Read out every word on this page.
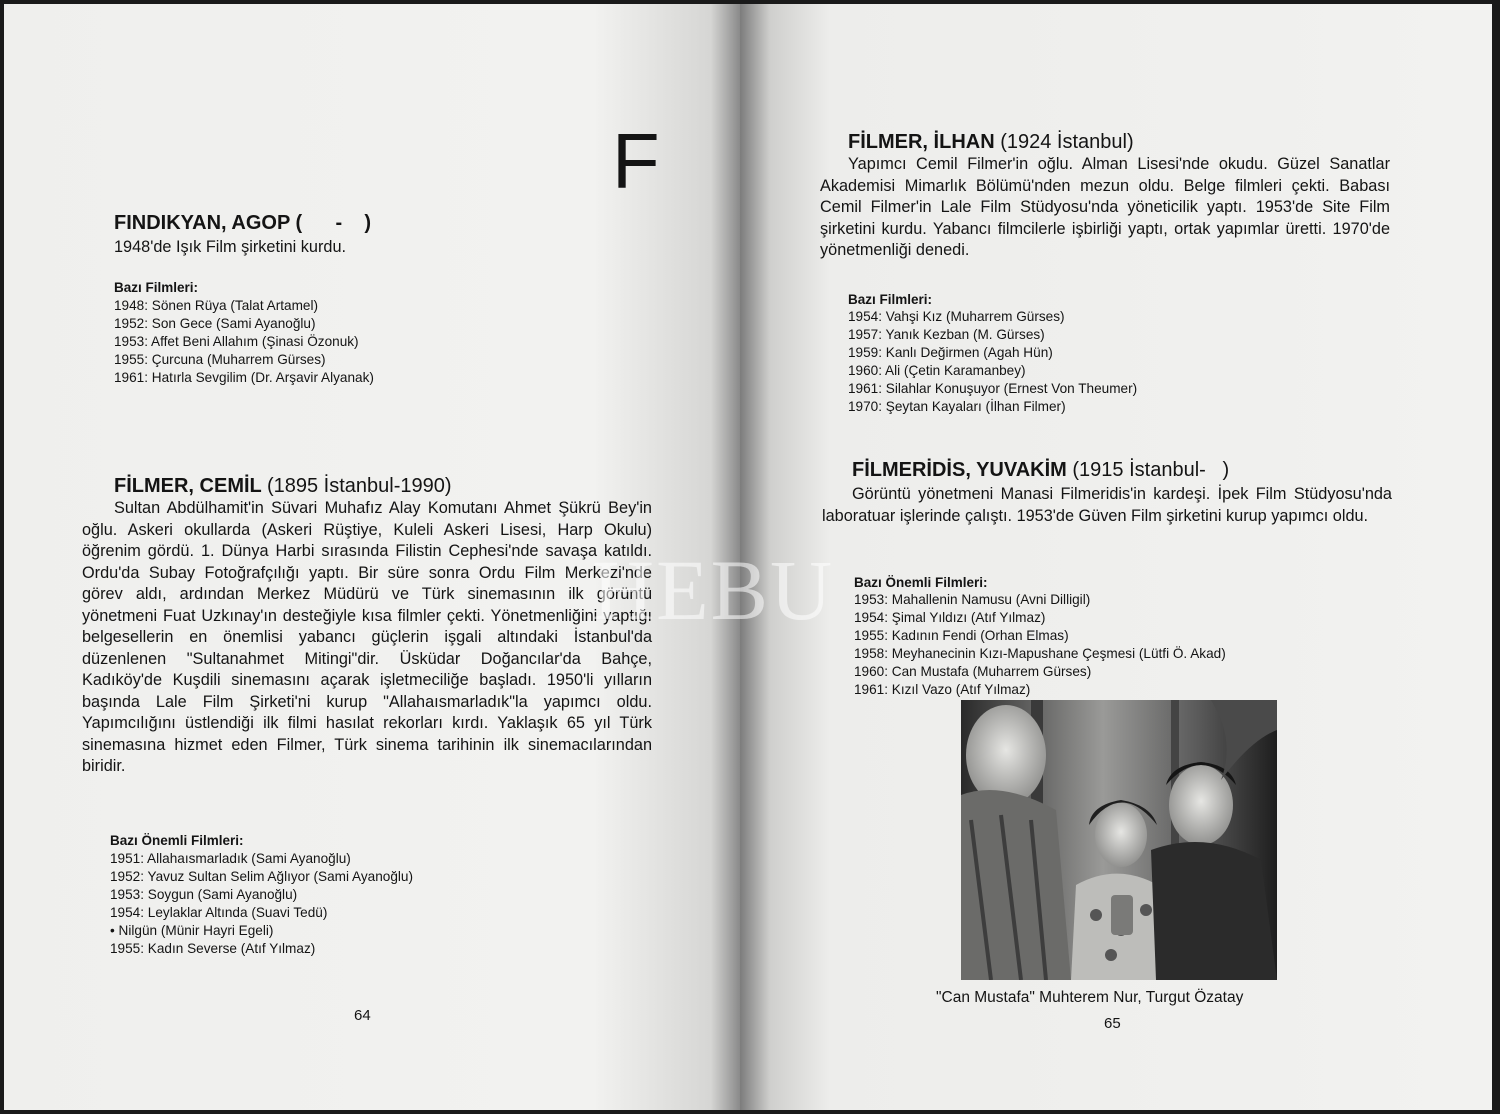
F
FINDIKYAN, AGOP (      -    )
1948'de Işık Film şirketini kurdu.
Bazı Filmleri:
1948: Sönen Rüya (Talat Artamel)
1952: Son Gece (Sami Ayanoğlu)
1953: Affet Beni Allahım (Şinasi Özonuk)
1955: Çurcuna (Muharrem Gürses)
1961: Hatırla Sevgilim (Dr. Arşavir Alyanak)
FİLMER, CEMİL (1895 İstanbul-1990)
Sultan Abdülhamit'in Süvari Muhafız Alay Komutanı Ahmet Şükrü Bey'in oğlu. Askeri okullarda (Askeri Rüştiye, Kuleli Askeri Lisesi, Harp Okulu) öğrenim gördü. 1. Dünya Harbi sırasında Filistin Cephesi'nde savaşa katıldı. Ordu'da Subay Fotoğrafçılığı yaptı. Bir süre sonra Ordu Film Merkezi'nde görev aldı, ardından Merkez Müdürü ve Türk sinemasının ilk görüntü yönetmeni Fuat Uzkınay'ın desteğiyle kısa filmler çekti. Yönetmenliğini yaptığı belgesellerin en önemlisi yabancı güçlerin işgali altındaki İstanbul'da düzenlenen "Sultanahmet Mitingi"dir. Üsküdar Doğancılar'da Bahçe, Kadıköy'de Kuşdili sinemasını açarak işletmeciliğe başladı. 1950'li yılların başında Lale Film Şirketi'ni kurup "Allahaısmarladık"la yapımcı oldu. Yapımcılığını üstlendiği ilk filmi hasılat rekorları kırdı. Yaklaşık 65 yıl Türk sinemasına hizmet eden Filmer, Türk sinema tarihinin ilk sinemacılarından biridir.
Bazı Önemli Filmleri:
1951: Allahaısmarladık (Sami Ayanoğlu)
1952: Yavuz Sultan Selim Ağlıyor (Sami Ayanoğlu)
1953: Soygun (Sami Ayanoğlu)
1954: Leylaklar Altında (Suavi Tedü)
• Nilgün (Münir Hayri Egeli)
1955: Kadın Severse (Atıf Yılmaz)
64
FİLMER, İLHAN (1924 İstanbul)
Yapımcı Cemil Filmer'in oğlu. Alman Lisesi'nde okudu. Güzel Sanatlar Akademisi Mimarlık Bölümü'nden mezun oldu. Belge filmleri çekti. Babası Cemil Filmer'in Lale Film Stüdyosu'nda yöneticilik yaptı. 1953'de Site Film şirketini kurdu. Yabancı filmcilerle işbirliği yaptı, ortak yapımlar üretti. 1970'de yönetmenliği denedi.
Bazı Filmleri:
1954: Vahşi Kız (Muharrem Gürses)
1957: Yanık Kezban (M. Gürses)
1959: Kanlı Değirmen (Agah Hün)
1960: Ali (Çetin Karamanbey)
1961: Silahlar Konuşuyor (Ernest Von Theumer)
1970: Şeytan Kayaları (İlhan Filmer)
FİLMERİDİS, YUVAKİM (1915 İstanbul-   )
Görüntü yönetmeni Manasi Filmeridis'in kardeşi. İpek Film Stüdyosu'nda laboratuar işlerinde çalıştı. 1953'de Güven Film şirketini kurup yapımcı oldu.
Bazı Önemli Filmleri:
1953: Mahallenin Namusu (Avni Dilligil)
1954: Şimal Yıldızı (Atıf Yılmaz)
1955: Kadının Fendi (Orhan Elmas)
1958: Meyhanecinin Kızı-Mapushane Çeşmesi (Lütfi Ö. Akad)
1960: Can Mustafa (Muharrem Gürses)
1961: Kızıl Vazo (Atıf Yılmaz)
"Can Mustafa" Muhterem Nur, Turgut Özatay
65
HEBU
